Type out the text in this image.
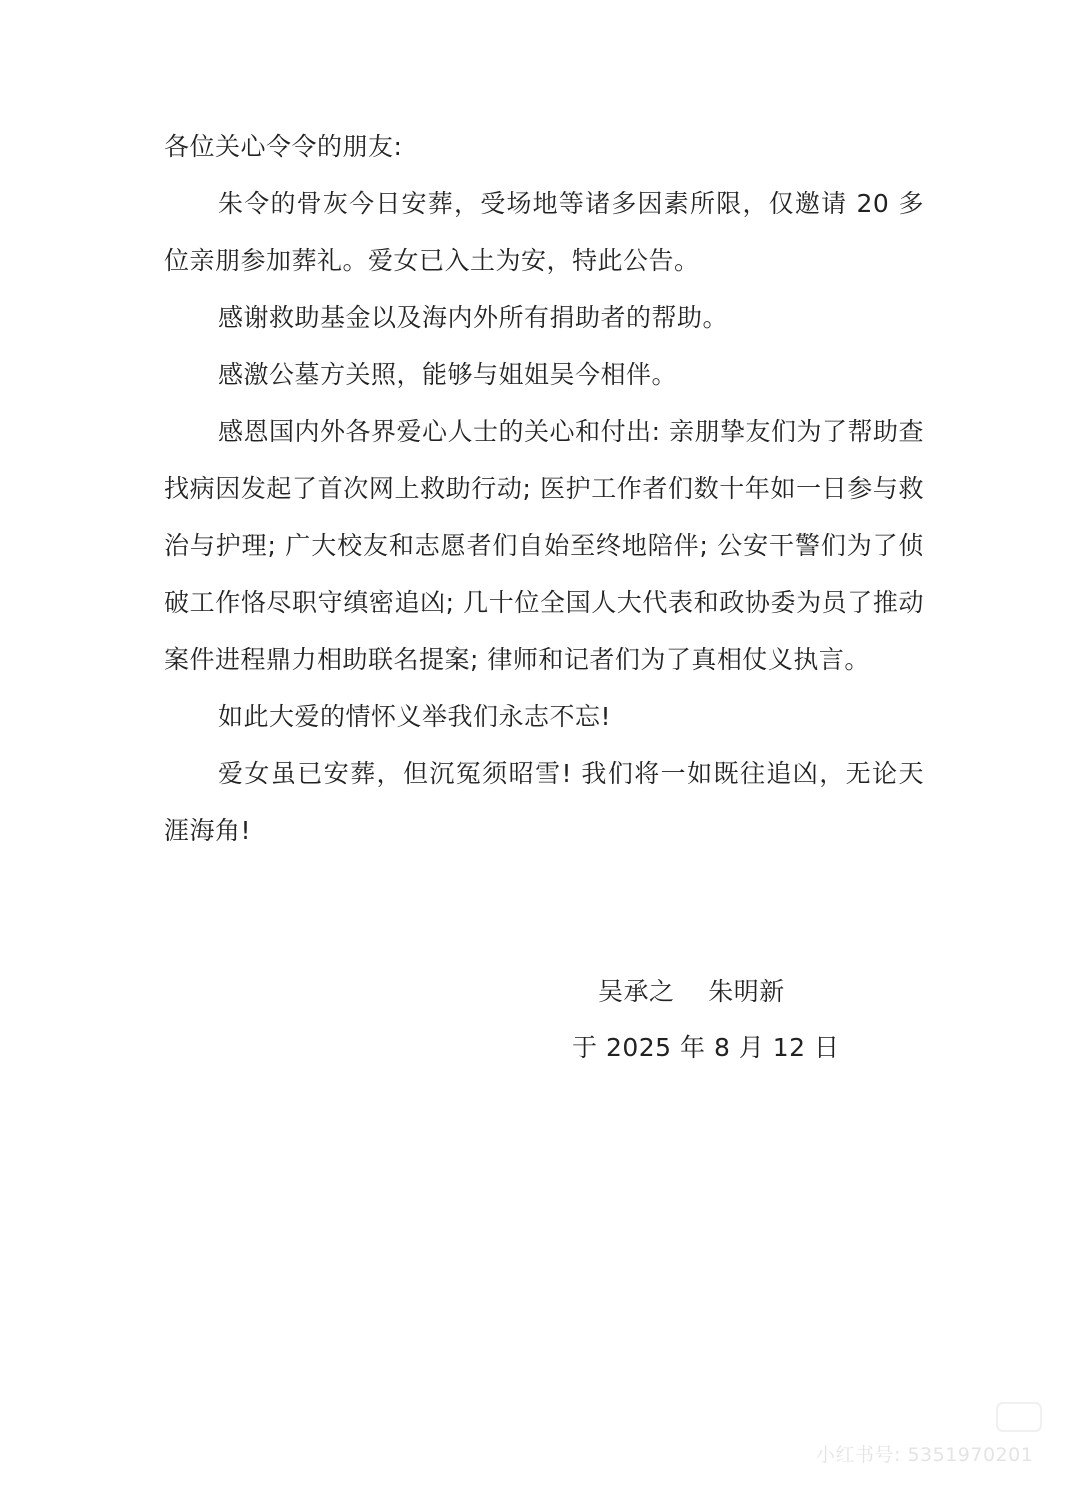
各位关心令令的朋友:

朱令的骨灰今日安葬，受场地等诸多因素所限，仅邀请 20 多位亲朋参加葬礼。爱女已入土为安，特此公告。

感谢救助基金以及海内外所有捐助者的帮助。

感激公墓方关照，能够与姐姐吴今相伴。

感恩国内外各界爱心人士的关心和付出: 亲朋挚友们为了帮助查找病因发起了首次网上救助行动; 医护工作者们数十年如一日参与救治与护理; 广大校友和志愿者们自始至终地陪伴; 公安干警们为了侦破工作恪尽职守缜密追凶; 几十位全国人大代表和政协委为员了推动案件进程鼎力相助联名提案; 律师和记者们为了真相仗义执言。

如此大爱的情怀义举我们永志不忘!

爱女虽已安葬，但沉冤须昭雪! 我们将一如既往追凶，无论天涯海角!

吴承之    朱明新
于 2025 年 8 月 12 日
小红书号: 5351970201
